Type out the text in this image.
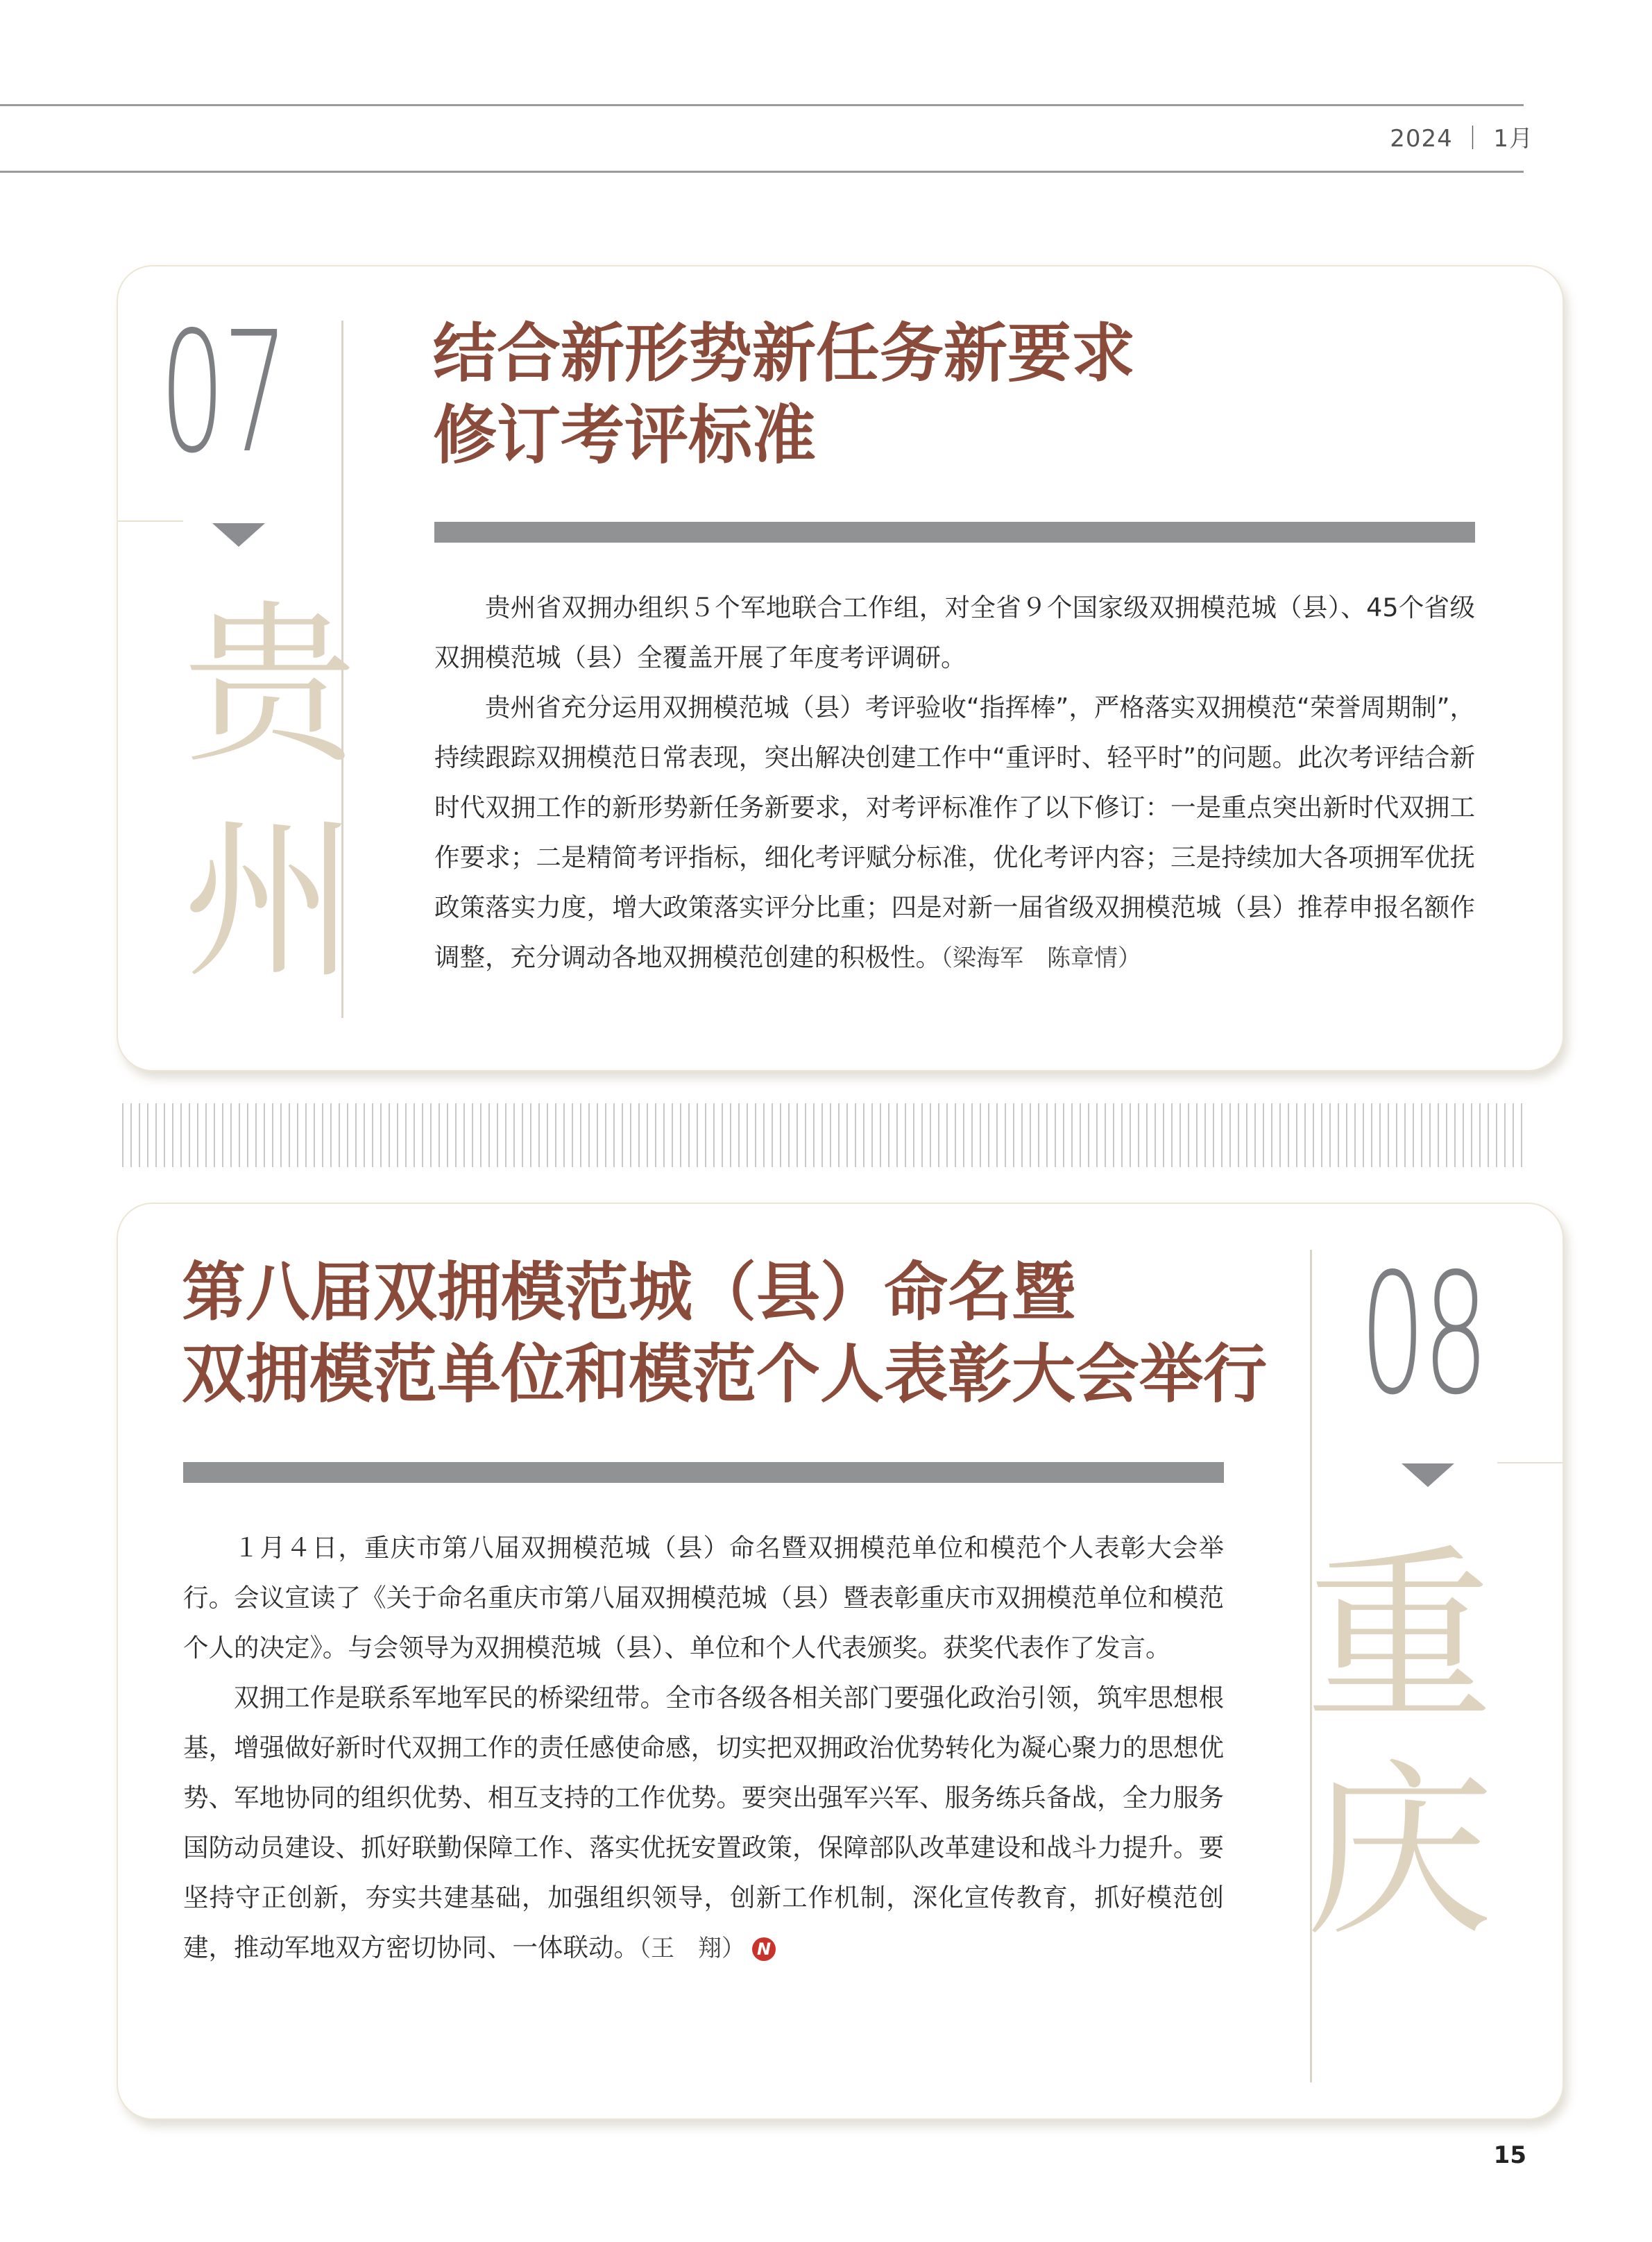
2024 ｜ 1月
07
贵州
结合新形势新任务新要求
修订考评标准

贵州省双拥办组织５个军地联合工作组，对全省９个国家级双拥模范城（县）、45个省级双拥模范城（县）全覆盖开展了年度考评调研。

贵州省充分运用双拥模范城（县）考评验收“指挥棒”，严格落实双拥模范“荣誉周期制”，持续跟踪双拥模范日常表现，突出解决创建工作中“重评时、轻平时”的问题。此次考评结合新时代双拥工作的新形势新任务新要求，对考评标准作了以下修订：一是重点突出新时代双拥工作要求；二是精简考评指标，细化考评赋分标准，优化考评内容；三是持续加大各项拥军优抚政策落实力度，增大政策落实评分比重；四是对新一届省级双拥模范城（县）推荐申报名额作调整，充分调动各地双拥模范创建的积极性。（梁海军　陈章情）

第八届双拥模范城（县）命名暨
双拥模范单位和模范个人表彰大会举行

１月４日，重庆市第八届双拥模范城（县）命名暨双拥模范单位和模范个人表彰大会举行。会议宣读了《关于命名重庆市第八届双拥模范城（县）暨表彰重庆市双拥模范单位和模范个人的决定》。与会领导为双拥模范城（县）、单位和个人代表颁奖。获奖代表作了发言。

双拥工作是联系军地军民的桥梁纽带。全市各级各相关部门要强化政治引领，筑牢思想根基，增强做好新时代双拥工作的责任感使命感，切实把双拥政治优势转化为凝心聚力的思想优势、军地协同的组织优势、相互支持的工作优势。要突出强军兴军、服务练兵备战，全力服务国防动员建设、抓好联勤保障工作、落实优抚安置政策，保障部队改革建设和战斗力提升。要坚持守正创新，夯实共建基础，加强组织领导，创新工作机制，深化宣传教育，抓好模范创建，推动军地双方密切协同、一体联动。（王　翔） N

08
重庆
15
